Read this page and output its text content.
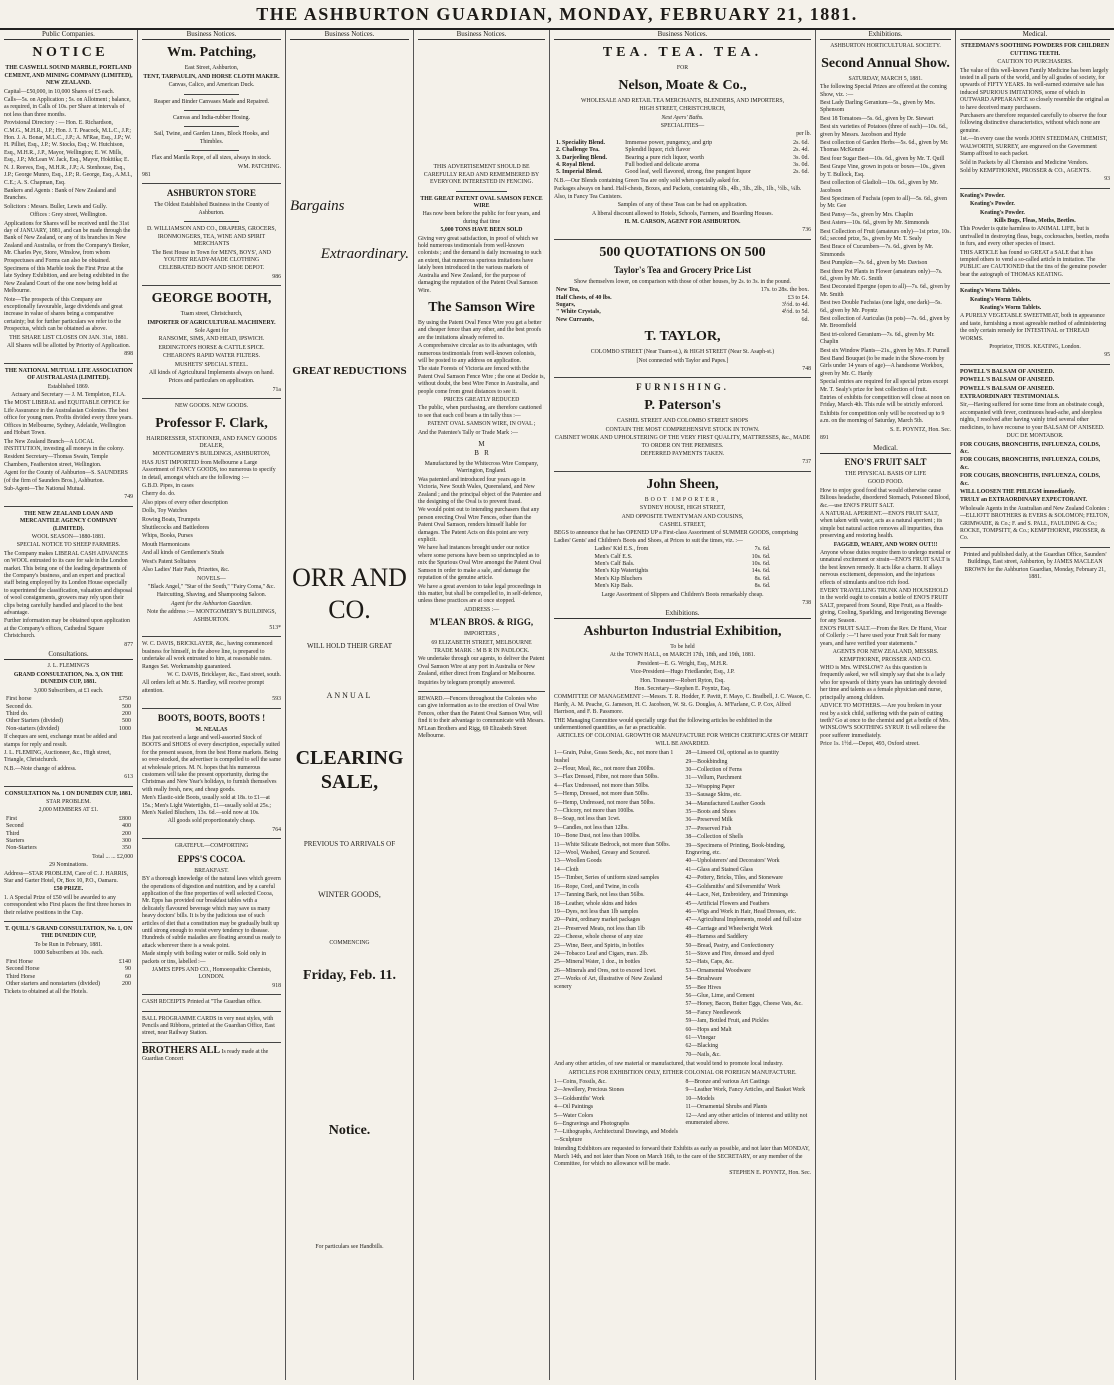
THE ASHBURTON GUARDIAN, MONDAY, FEBRUARY 21, 1881.
Public Companies.
N O T I C E

THE CASWELL SOUND MARBLE, PORTLAND CEMENT, AND MINING COMPANY (LIMITED), NEW ZEALAND.

Capital—£50,000, in 10,000 Shares of £5 each.

Calls—5s. on Application ; 5s. on Allotment ; balance, as required, in Calls of 10s. per Share at intervals of not less than three months.

Provisional Directory : — Hon. E. Richardson, C.M.G., M.H.R., J.P.; Hon. J. T. Peacock, M.L.C., J.P.; Hon. J. A. Bonar, M.L.C., J.P.; A. M'Rae, Esq., J.P.; W. H. Pilliet, Esq., J.P.; W. Stocks, Esq.; W. Hutchison, Esq., M.H.R., J.P., Mayor, Wellington; E. W. Mills, Esq., J.P.; McLean W. Jack, Esq., Mayor, Hokitika; E. N. J. Reeves, Esq., M.H.R., J.P.; A. Stenhouse, Esq., J.P.; George Munro, Esq., J.P.; R. George, Esq., A.M.I., C.E.; A. S. Chapman, Esq.

Bankers and Agents : Bank of New Zealand and Branches.

Solicitors : Messrs. Buller, Lewis and Gully.

Offices : Grey street, Wellington.

Applications for Shares will be received until the 31st day of JANUARY, 1881, and can be made through the Bank of New Zealand, or any of its branches in New Zealand and Australia, or from the Company's Broker, Mr. Charles Pye, Store, Winslow, from whom Prospectuses and Forms can also be obtained.

Specimens of this Marble took the First Prize at the late Sydney Exhibition, and are being exhibited in the New Zealand Court of the one now being held at Melbourne.

Note—The prospects of this Company are exceptionally favourable, large dividends and great increase in value of shares being a comparative certainty; but for further particulars we refer to the Prospectus, which can be obtained as above.

THE SHARE LIST CLOSES ON JAN. 31st, 1881.

All Shares will be allotted by Priority of Application.

898

THE NATIONAL MUTUAL LIFE ASSOCIATION OF AUSTRALASIA (LIMITED).

Established 1869.

Actuary and Secretary — J. M. Templeton, F.I.A.

The MOST LIBERAL and EQUITABLE OFFICE for Life Assurance in the Australasian Colonies. The best office for young men. Profits divided every three years. Offices in Melbourne, Sydney, Adelaide, Wellington and Hobart Town.

The New Zealand Branch—A LOCAL INSTITUTION, investing all moneys in the colony.

Resident Secretary—Thomas Swain, Temple Chambers, Featherston street, Wellington.

Agent for the County of Ashburton—S. SAUNDERS (of the firm of Saunders Bros.), Ashburton.

Sub-Agent—The National Mutual.

749

THE NEW ZEALAND LOAN AND MERCANTILE AGENCY COMPANY (LIMITED).

WOOL SEASON—1880-1881.

SPECIAL NOTICE TO SHEEP FARMERS.

The Company makes LIBERAL CASH ADVANCES on WOOL entrusted to its care for sale in the London market. This being one of the leading departments of the Company's business, and an expert and practical staff being employed by its London House especially to superintend the classification, valuation and disposal of wool consignments, growers may rely upon their clips being carefully handled and placed to the best advantage.

Further information may be obtained upon application at the Company's offices, Cathedral Square Christchurch.

877

Consultations.

J. L. FLEMING'S

GRAND CONSULTATION, No. 3, ON THE DUNEDIN CUP, 1881.

3,000 Subscribers, at £1 each.

First horse	£750
Second do.	500
Third do.	200
Other Starters (divided)	500
Non-starters (divided)	1000

If cheques are sent, exchange must be added and stamps for reply and result.

J. L. FLEMING, Auctioneer, &c., High street, Triangle, Christchurch.

N.B.—Note change of address.

613

CONSULTATION No. 1 ON DUNEDIN CUP, 1881.

STAR PROBLEM.

2,000 MEMBERS AT £1.

First	£800
Second	400
Third	200
Starters	300
Non-Starters	350

Total ... ... £2,000

29 Nominations.

Address—STAR PROBLEM, Care of C. J. HARRIS, Star and Garter Hotel, Or, Box 10, P.O., Oamaru.

£50 PRIZE.

1. A Special Prize of £50 will be awarded to any correspondent who First places the first three horses in their relative positions in the Cup.

T. QUILL'S GRAND CONSULTATION, No. 1, ON THE DUNEDIN CUP,

To be Run in February, 1881.

1000 Subscribers at 10s. each.

First Horse	£140
Second Horse	90
Third Horse	60
Other starters and nonstarters (divided)	200

Tickets to obtained at all the Hotels.

Business Notices.
Wm. Patching,

East Street, Ashburton,

TENT, TARPAULIN, AND HORSE CLOTH MAKER.

Canvas, Calico, and American Duck.

Reaper and Binder Canvases Made and Repaired.

Canvas and India-rubber Hosing.

Sail, Twine, and Garden Lines, Block Hooks, and Thimbles.

Flax and Manila Rope, of all sizes, always in stock.

WM. PATCHING.

981

ASHBURTON STORE

The Oldest Established Business in the County of Ashburton.

D. WILLIAMSON AND CO., DRAPERS, GROCERS, IRONMONGERS, TEA, WINE AND SPIRIT MERCHANTS

The Best House in Town for MEN'S, BOYS', AND YOUTHS' READY-MADE CLOTHING

CELEBRATED BOOT AND SHOE DEPOT.

986

GEORGE BOOTH,

Tuam street, Christchurch,

IMPORTER OF AGRICULTURAL MACHINERY.

Sole Agent for

RANSOME, SIMS, AND HEAD, IPSWICH.

ERDINGTON'S HORSE & CATTLE SPICE.

CHEARON'S RAPID WATER FILTERS.

MUSHETS' SPECIAL STEEL.

All kinds of Agricultural Implements always on hand.

Prices and particulars on application.

71a

NEW GOODS. NEW GOODS.

Professor F. Clark,

HAIRDRESSER, STATIONER, AND FANCY GOODS DEALER,

MONTGOMERY'S BUILDINGS, ASHBURTON,

HAS JUST IMPORTED from Melbourne a Large Assortment of FANCY GOODS, too numerous to specify in detail, amongst which are the following :—

G.B.D. Pipes, in cases

Cherry do. do.

Also pipes of every other description

Dolls, Toy Watches

Rowing Boats, Trumpets

Shuttlecocks and Battledores

Whips, Books, Purses

Mouth Harmonicans

And all kinds of Gentlemen's Studs

West's Patent Solitaires

Also Ladies' Hair Pads, Frizettes, &c.

NOVELS—

"Black Angel," "Star of the South," "Fairy Coma," &c.

Haircutting, Shaving, and Shampooing Saloon.

Agent for the Ashburton Guardian.

Note the address :— MONTGOMERY'S BUILDINGS, ASHBURTON.

513*

W. C. DAVIS, BRICKLAYER, &c., having commenced business for himself, in the above line, is prepared to undertake all work entrusted to him, at reasonable rates. Ranges Set. Workmanship guaranteed.

W. C. DAVIS, Bricklayer, &c., East street, south.

All orders left at Mr. S. Hardley, will receive prompt attention.

593

BOOTS, BOOTS, BOOTS !

M. NEALAS

Has just received a large and well-assorted Stock of BOOTS and SHOES of every description, especially suited for the present season, from the best Home markets. Being so over-stocked, the advertiser is compelled to sell the same at wholesale prices. M. N. hopes that his numerous customers will take the present opportunity, during the Christmas and New Year's holidays, to furnish themselves with really fresh, new, and cheap goods.

Men's Elastic-side Boots, usually sold at 18s. to £1—at 15s.; Men's Light Watertights, £1—usually sold at 25s.; Men's Nailed Bluchers, 13s. 6d.—sold now at 10s.

All goods sold proportionately cheap.

764

GRATEFUL—COMFORTING

EPPS'S COCOA.

BREAKFAST.

BY a thorough knowledge of the natural laws which govern the operations of digestion and nutrition, and by a careful application of the fine properties of well selected Cocoa, Mr. Epps has provided our breakfast tables with a delicately flavoured beverage which may save us many heavy doctors' bills. It is by the judicious use of such articles of diet that a constitution may be gradually built up until strong enough to resist every tendency to disease. Hundreds of subtle maladies are floating around us ready to attack wherever there is a weak point.

Made simply with boiling water or milk. Sold only in packets or tins, labelled :—

JAMES EPPS AND CO., Homoeopathic Chemists, LONDON.

918

CASH RECEIPTS Printed at "The Guardian office.

BALL PROGRAMME CARDS in very neat styles, with Pencils and Ribbons, printed at the Guardian Office, East street, near Railway Station.

BROTHERS ALL Is ready made at the Guardian Concert
Business Notices.
Bargains
Extraordinary.
GREAT REDUCTIONS
ORR AND CO.

WILL HOLD THEIR GREAT

ANNUAL

CLEARING SALE,

PREVIOUS TO ARRIVALS OF

WINTER GOODS,

COMMENCING

Friday, Feb. 11.
Notice.

For particulars see Handbills.

Business Notices.

THIS ADVERTISEMENT SHOULD BE CAREFULLY READ AND REMEMBERED BY EVERYONE INTERESTED IN FENCING.

THE GREAT PATENT OVAL SAMSON FENCE WIRE

Has now been before the public for four years, and during that time

5,000 TONS HAVE BEEN SOLD

Giving very great satisfaction, in proof of which we hold numerous testimonials from well-known colonists ; and the demand is daily increasing to such an extent, that numerous spurious imitations have lately been introduced in the various markets of Australia and New Zealand, for the purpose of damaging the reputation of the Patent Oval Samson Wire.

The Samson Wire

By using the Patent Oval Fence Wire you get a better and cheaper fence than any other, and the best proofs are the imitations already referred to.

A comprehensive circular as to its advantages, with numerous testimonials from well-known colonists, will be posted to any address on application.

The state Forests of Victoria are fenced with the Patent Oval Samson Fence Wire ; the one at Dockie is, without doubt, the best Wire Fence in Australia, and people come from great distances to see it.

PRICES GREATLY REDUCED

The public, when purchasing, are therefore cautioned to see that each coil bears a tin tally thus :—

PATENT OVAL SAMSON WIRE, IN OVAL ;

And the Patentee's Tally or Trade Mark :—

M
B   R

Manufactured by the Whitecross Wire Company, Warrington, England.

Was patented and introduced four years ago in Victoria, New South Wales, Queensland, and New Zealand ; and the principal object of the Patentee and the designing of the Oval is to prevent fraud.

We would point out to intending purchasers that any person erecting Oval Wire Fences, other than the Patent Oval Samson, renders himself liable for damages. The Patent Acts on this point are very explicit.

We have had instances brought under our notice where some persons have been so unprincipled as to mix the Spurious Oval Wire amongst the Patent Oval Samson in order to make a sale, and damage the reputation of the genuine article.

We have a great aversion to take legal proceedings in this matter, but shall be compelled to, in self-defence, unless these practices are at once stopped.

ADDRESS :—

M'LEAN BROS. & RIGG,

IMPORTERS ,

69 ELIZABETH STREET, MELBOURNE

TRADE MARK : M B R IN PADLOCK.

We undertake through our agents, to deliver the Patent Oval Samson Wire at any port in Australia or New Zealand, either direct from England or Melbourne.

Inquiries by telegram promptly answered.

REWARD.—Fencers throughout the Colonies who can give information as to the erection of Oval Wire Fences, other than the Patent Oval Samson Wire, will find it to their advantage to communicate with Messrs. M'Lean Brothers and Rigg, 69 Elizabeth Street Melbourne.

Business Notices.
TEA. TEA. TEA.

FOR

Nelson, Moate & Co.,

WHOLESALE AND RETAIL TEA MERCHANTS, BLENDERS, AND IMPORTERS,

HIGH STREET, CHRISTCHURCH,

Next Ayers' Baths.

SPECIALITIES—

per lb.

1. Speciality Blend.	Immense power, pungency, and grip	2s. 6d.
2. Challenge Tea.	Splendid liquor, rich flavor	2s. 4d.
3. Darjeeling Blend.	Bearing a pure rich liquor, worth	3s. 0d.
4. Royal Blend.	Full bodied and delicate aroma	3s. 0d.
5. Imperial Blend.	Good leaf, well flavored, strong, fine pungent liquor	2s. 6d.

N.B.—Our Blends containing Green Tea are only sold when specially asked for.

Packages always on hand. Half-chests, Boxes, and Packets, containing 6lb., 4lb., 3lb., 2lb., 1lb., ½lb., ¼lb. Also, in Fancy Tea Canisters.

Samples of any of these Teas can be had on application.

A liberal discount allowed to Hotels, Schools, Farmers, and Boarding Houses.

H. M. CARSON, AGENT FOR ASHBURTON.

736

500 QUOTATIONS ON 500
Taylor's Tea and Grocery Price List

Show themselves lower, on comparison with those of other houses, by 2s. to 3s. in the pound.

New Tea,	17s. to 28s. the box.
Half Chests, of 40 lbs.	£3 to £4.
Sugars,	3½d. to 4d.
" White Crystals,	4½d. to 5d.
New Currants,	6d.
T. TAYLOR,

COLOMBO STREET (Near Tuam-st.), & HIGH STREET (Near St. Asaph-st.)

[Not connected with Taylor and Papes.]

748

FURNISHING.
P. Paterson's

CASHEL STREET AND COLOMBO STREET SHOPS

CONTAIN THE MOST COMPREHENSIVE STOCK IN TOWN.

CABINET WORK AND UPHOLSTERING OF THE VERY FIRST QUALITY, MATTRESSES, &c., MADE TO ORDER ON THE PREMISES.

DEFERRED PAYMENTS TAKEN.

737

John Sheen,

BOOT IMPORTER,

SYDNEY HOUSE, HIGH STREET,

AND OPPOSITE TWENTYMAN AND COUSINS,

CASHEL STREET,

BEGS to announce that he has OPENED UP a First-class Assortment of SUMMER GOODS, comprising Ladies' Gents' and Children's Boots and Shoes, at Prices to suit the times, viz. :—

Ladies' Kid E.S., from	7s. 6d.
Men's Calf E.S.	10s. 6d.
Men's Calf Bals.	10s. 6d.
Men's Kip Watertights	14s. 6d.
Men's Kip Bluchers	8s. 6d.
Men's Kip Bals.	8s. 6d.

Large Assortment of Slippers and Children's Boots remarkably cheap.

738

Exhibitions.
Ashburton Industrial Exhibition,

To be held

At the TOWN HALL, on MARCH 17th, 18th, and 19th, 1881.

President—E. G. Wright, Esq., M.H.R.

Vice-President—Hugo Friedlander, Esq., J.P.

Hon. Treasurer—Robert Ryton, Esq.

Hon. Secretary—Stephen E. Poyntz, Esq.

COMMITTEE OF MANAGEMENT :—Messrs. T. R. Hodder, F. Pavitt, F. Mayo, C. Bradbell, J. C. Wason, C. Hardy, A. M. Peache, G. Jameson, H. C. Jacobson, W. St. G. Douglas, A. M'Farlane, C. P. Cox, Alfred Harrison, and F. B. Passmore.

THE Managing Committee would specially urge that the following articles be exhibited in the undermentioned quantities, as far as practicable.

ARTICLES OF COLONIAL GROWTH OR MANUFACTURE FOR WHICH CERTIFICATES OF MERIT WILL BE AWARDED.

1—Grain, Pulse, Grass Seeds, &c., not more than 1 bushel

2—Flour, Meal, &c., not more than 200lbs.

3—Flax Dressed, Fibre, not more than 50lbs.

4—Flax Undressed, not more than 50lbs.

5—Hemp, Dressed, not more than 50lbs.

6—Hemp, Undressed, not more than 50lbs.

7—Chicory, not more than 100lbs.

8—Soap, not less than 1cwt.

9—Candles, not less than 12lbs.

10—Bone Dust, not less than 100lbs.

11—White Silicate Bedrock, not more than 50lbs.

12—Wool, Washed, Greasy and Scoured.

13—Woollen Goods

14—Cloth

15—Timber, Series of uniform sized samples

16—Rope, Cord, and Twine, in coils

17—Tanning Bark, not less than 56lbs.

18—Leather, whole skins and hides

19—Dyes, not less than 1lb samples

20—Paint, ordinary market packages

21—Preserved Meats, not less than 1lb

22—Cheese, whole cheese of any size

23—Wine, Beer, and Spirits, in bottles

24—Tobacco Leaf and Cigars, max. 2lb.

25—Mineral Water, 1 doz., in bottles

26—Minerals and Ores, not to exceed 1cwt.

27—Works of Art, illustrative of New Zealand scenery

28—Linseed Oil, optional as to quantity

29—Bookbinding

30—Collection of Ferns

31—Vellum, Parchment

32—Wrapping Paper

33—Sausage Skins, etc.

34—Manufactured Leather Goods

35—Boots and Shoes

36—Preserved Milk

37—Preserved Fish

38—Collection of Shells

39—Specimens of Printing, Book-binding, Engraving, etc.

40—Upholsterers' and Decorators' Work

41—Glass and Stained Glass

42—Pottery, Bricks, Tiles, and Stoneware

43—Goldsmiths' and Silversmiths' Work

44—Lace, Net, Embroidery, and Trimmings

45—Artificial Flowers and Feathers

46—Wigs and Work in Hair, Head Dresses, etc.

47—Agricultural Implements, model and full size

48—Carriage and Wheelwright Work

49—Harness and Saddlery

50—Bread, Pastry, and Confectionery

51—Stove and Fire, dressed and dyed

52—Hats, Caps, &c.

53—Ornamental Woodware

54—Brushware

55—Bee Hives

56—Glue, Lime, and Cement

57—Honey, Bacon, Butter Eggs, Cheese Vats, &c.

58—Fancy Needlework

59—Jam, Bottled Fruit, and Pickles

60—Hops and Malt

61—Vinegar

62—Blacking

70—Nails, &c.

And any other articles, of raw material or manufactured, that would tend to promote local industry.

ARTICLES FOR EXHIBITION ONLY, EITHER COLONIAL OR FOREIGN MANUFACTURE.

1—Coins, Fossils, &c.

2—Jewellery, Precious Stones

3—Goldsmiths' Work

4—Oil Paintings

5—Water Colors

6—Engravings and Photographs

7—Lithographs, Architectural Drawings, and Models—Sculpture

8—Bronze and various Art Castings

9—Leather Work, Fancy Articles, and Basket Work

10—Models

11—Ornamental Shrubs and Plants

12—And any other articles of interest and utility not enumerated above.

Intending Exhibitors are requested to forward their Exhibits as early as possible, and not later than MONDAY, March 14th, and not later than Noon on March 16th, to the care of the SECRETARY, or any member of the Committee, for which no allowance will be made.

STEPHEN E. POYNTZ, Hon. Sec.

Exhibitions.

ASHBURTON HORTICULTURAL SOCIETY.

Second Annual Show.

SATURDAY, MARCH 5, 1881.

The following Special Prizes are offered at the coming Show, viz. :—

Best Lady Darling Geranium—5s., given by Mrs. Sphensom

Best 18 Tomatoes—5s. 6d., given by Dr. Stewart

Best six varieties of Potatoes (three of each)—10s. 6d., given by Messrs. Jacobson and Hyde

Best collection of Garden Herbs—5s. 6d., given by Mr. Thomas McKenzie

Best four Sugar Beet—10s. 6d., given by Mr. T. Quill

Best Grape Vine, grown in pots or boxes—10s., given by T. Bullock, Esq.

Best collection of Gladioli—10s. 6d., given by Mr. Jacobson

Best Specimen of Fuchsia (open to all)—5s. 6d., given by Mr. Gee

Best Pansy—5s., given by Mrs. Chaplin

Best Asters—10s. 6d., given by Mr. Simmonds

Best Collection of Fruit (amateurs only)—1st prize, 10s. 6d.; second prize, 5s., given by Mr. T. Sealy

Best Brace of Cucumbers—7s. 6d., given by Mr. Simmonds

Best Pumpkin—7s. 6d., given by Mr. Davison

Best three Pot Plants in Flower (amateurs only)—7s. 6d., given by Mr. G. Smith

Best Decorated Epergne (open to all)—7s. 6d., given by Mr. Smith

Best two Double Fuchsias (one light, one dark)—5s. 6d., given by Mr. Poyntz

Best collection of Auriculas (in pots)—7s. 6d., given by Mr. Broomfield

Best tri-colored Geranium—7s. 6d., given by Mr. Chaplin

Best six Window Plants—21s., given by Mrs. F. Purnell

Best Band Bouquet (to be made in the Show-room by Girls under 14 years of age)—A handsome Workbox, given by Mr. C. Hardy

Special entries are required for all special prizes except Mr. T. Sealy's prize for best collection of fruit.

Entries of exhibits for competition will close at noon on Friday, March 4th. This rule will be strictly enforced.

Exhibits for competition only will be received up to 9 a.m. on the morning of Saturday, March 5th.

S. E. POYNTZ, Hon. Sec.

891

Medical.
ENO'S FRUIT SALT

THE PHYSICAL BASIS OF LIFE

GOOD FOOD.

How to enjoy good food that would otherwise cause Bilious headache, disordered Stomach, Poisoned Blood, &c.—use ENO'S FRUIT SALT.

A NATURAL APERIENT.—ENO'S FRUIT SALT, when taken with water, acts as a natural aperient ; its simple but natural action removes all impurities, thus preserving and restoring health.

FAGGED, WEARY, AND WORN OUT!!!

Anyone whose duties require them to undergo mental or unnatural excitement or strain—ENO'S FRUIT SALT is the best known remedy. It acts like a charm. It allays nervous excitement, depression, and the injurious effects of stimulants and too rich food.

EVERY TRAVELLING TRUNK AND HOUSEHOLD in the world ought to contain a bottle of ENO'S FRUIT SALT, prepared from Sound, Ripe Fruit, as a Health-giving, Cooling, Sparkling, and Invigorating Beverage for any Season.

ENO'S FRUIT SALT.—From the Rev. Dr Hurst, Vicar of Collerly :—"I have used your Fruit Salt for many years, and have verified your statements."

AGENTS FOR NEW ZEALAND, MESSRS. KEMPTHORNE, PROSSER AND CO.

WHO is Mrs. WINSLOW? As this question is frequently asked, we will simply say that she is a lady who for upwards of thirty years has untiringly devoted her time and talents as a female physician and nurse, principally among children.

ADVICE TO MOTHERS.—Are you broken in your rest by a sick child, suffering with the pain of cutting teeth? Go at once to the chemist and get a bottle of Mrs. WINSLOW'S SOOTHING SYRUP. It will relieve the poor sufferer immediately.

Price 1s. 1½d.—Depot, 493, Oxford street.

Medical.

STEEDMAN'S SOOTHING POWDERS FOR CHILDREN CUTTING TEETH.

CAUTION TO PURCHASERS.

The value of this well-known Family Medicine has been largely tested in all parts of the world, and by all grades of society, for upwards of FIFTY YEARS. Its well-earned extensive sale has induced SPURIOUS IMITATIONS, some of which in OUTWARD APPEARANCE so closely resemble the original as to have deceived many purchasers.

Purchasers are therefore requested carefully to observe the four following distinctive characteristics, without which none are genuine.

1st.—In every case the words JOHN STEEDMAN, CHEMIST, WALWORTH, SURREY, are engraved on the Government Stamp affixed to each packet.

Sold in Packets by all Chemists and Medicine Vendors.

Sold by KEMPTHORNE, PROSSER & CO., AGENTS.

93

Keating's Powder.

Keating's Powder.

Keating's Powder.

Kills Bugs, Fleas, Moths, Beetles.

This Powder is quite harmless to ANIMAL LIFE, but is unrivalled in destroying fleas, bugs, cockroaches, beetles, moths in furs, and every other species of insect.

THIS ARTICLE has found so GREAT a SALE that it has tempted others to vend a so-called article in imitation. The PUBLIC are CAUTIONED that the tins of the genuine powder bear the autograph of THOMAS KEATING.

Keating's Worm Tablets.

Keating's Worm Tablets.

Keating's Worm Tablets.

A PURELY VEGETABLE SWEETMEAT, both in appearance and taste, furnishing a most agreeable method of administering the only certain remedy for INTESTINAL or THREAD WORMS.

Proprietor, THOS. KEATING, London.

95

POWELL'S BALSAM OF ANISEED.

POWELL'S BALSAM OF ANISEED.

POWELL'S BALSAM OF ANISEED.

EXTRAORDINARY TESTIMONIALS.

Sir,—Having suffered for some time from an obstinate cough, accompanied with fever, continuous head-ache, and sleepless nights, I resolved after having vainly tried several other medicines, to have recourse to your BALSAM OF ANISEED.

DUC DE MONTABOR.

FOR COUGHS, BRONCHITIS, INFLUENZA, COLDS, &c.

FOR COUGHS, BRONCHITIS, INFLUENZA, COLDS, &c.

FOR COUGHS, BRONCHITIS, INFLUENZA, COLDS, &c.

WILL LOOSEN THE PHLEGM immediately.

TRULY an EXTRAORDINARY EXPECTORANT.

Wholesale Agents in the Australian and New Zealand Colonies :—ELLIOTT BROTHERS & EVERS & SOLOMON; FELTON, GRIMWADE, & Co.; F. and S. PALL, FAULDING & Co.; ROCKE, TOMPSITT, & Co.; KEMPTHORNE, PROSSER, & Co.

Printed and published daily, at the Guardian Office, Saunders' Buildings, East street, Ashburton, by JAMES MACLEAN BROWN for the Ashburton Guardian, Monday, February 21, 1881.
